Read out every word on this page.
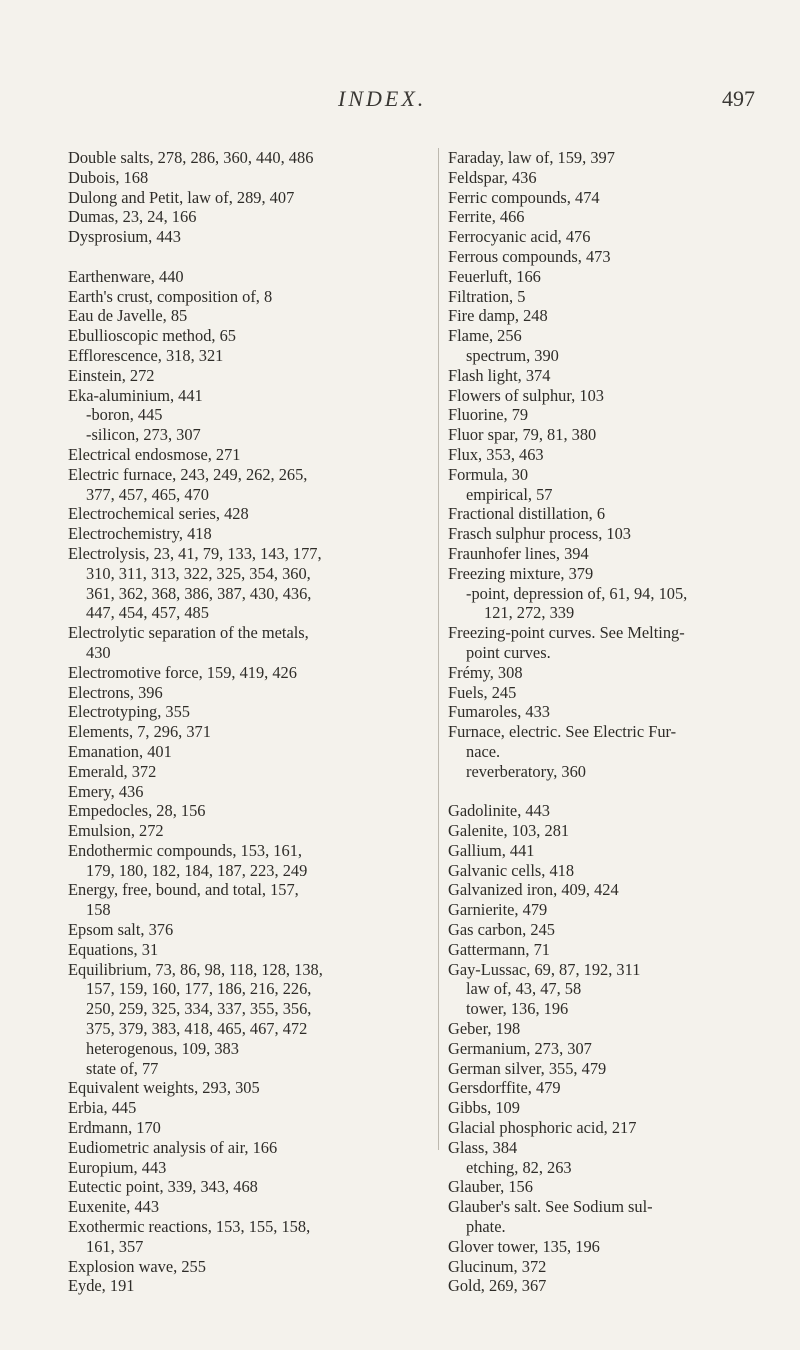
INDEX.	497
Double salts, 278, 286, 360, 440, 486
Dubois, 168
Dulong and Petit, law of, 289, 407
Dumas, 23, 24, 166
Dysprosium, 443
Earthenware, 440
Earth's crust, composition of, 8
Eau de Javelle, 85
Ebullioscopic method, 65
Efflorescence, 318, 321
Einstein, 272
Eka-aluminium, 441
-boron, 445
-silicon, 273, 307
Electrical endosmose, 271
Electric furnace, 243, 249, 262, 265,
377, 457, 465, 470
Electrochemical series, 428
Electrochemistry, 418
Electrolysis, 23, 41, 79, 133, 143, 177,
310, 311, 313, 322, 325, 354, 360,
361, 362, 368, 386, 387, 430, 436,
447, 454, 457, 485
Electrolytic separation of the metals,
430
Electromotive force, 159, 419, 426
Electrons, 396
Electrotyping, 355
Elements, 7, 296, 371
Emanation, 401
Emerald, 372
Emery, 436
Empedocles, 28, 156
Emulsion, 272
Endothermic compounds, 153, 161,
179, 180, 182, 184, 187, 223, 249
Energy, free, bound, and total, 157,
158
Epsom salt, 376
Equations, 31
Equilibrium, 73, 86, 98, 118, 128, 138,
157, 159, 160, 177, 186, 216, 226,
250, 259, 325, 334, 337, 355, 356,
375, 379, 383, 418, 465, 467, 472
heterogenous, 109, 383
state of, 77
Equivalent weights, 293, 305
Erbia, 445
Erdmann, 170
Eudiometric analysis of air, 166
Europium, 443
Eutectic point, 339, 343, 468
Euxenite, 443
Exothermic reactions, 153, 155, 158,
161, 357
Explosion wave, 255
Eyde, 191
Faraday, law of, 159, 397
Feldspar, 436
Ferric compounds, 474
Ferrite, 466
Ferrocyanic acid, 476
Ferrous compounds, 473
Feuerluft, 166
Filtration, 5
Fire damp, 248
Flame, 256
spectrum, 390
Flash light, 374
Flowers of sulphur, 103
Fluorine, 79
Fluor spar, 79, 81, 380
Flux, 353, 463
Formula, 30
empirical, 57
Fractional distillation, 6
Frasch sulphur process, 103
Fraunhofer lines, 394
Freezing mixture, 379
-point, depression of, 61, 94, 105,
121, 272, 339
Freezing-point curves. See Melting-
point curves.
Frémy, 308
Fuels, 245
Fumaroles, 433
Furnace, electric. See Electric Fur-
nace.
reverberatory, 360
Gadolinite, 443
Galenite, 103, 281
Gallium, 441
Galvanic cells, 418
Galvanized iron, 409, 424
Garnierite, 479
Gas carbon, 245
Gattermann, 71
Gay-Lussac, 69, 87, 192, 311
law of, 43, 47, 58
tower, 136, 196
Geber, 198
Germanium, 273, 307
German silver, 355, 479
Gersdorffite, 479
Gibbs, 109
Glacial phosphoric acid, 217
Glass, 384
etching, 82, 263
Glauber, 156
Glauber's salt. See Sodium sul-
phate.
Glover tower, 135, 196
Glucinum, 372
Gold, 269, 367
